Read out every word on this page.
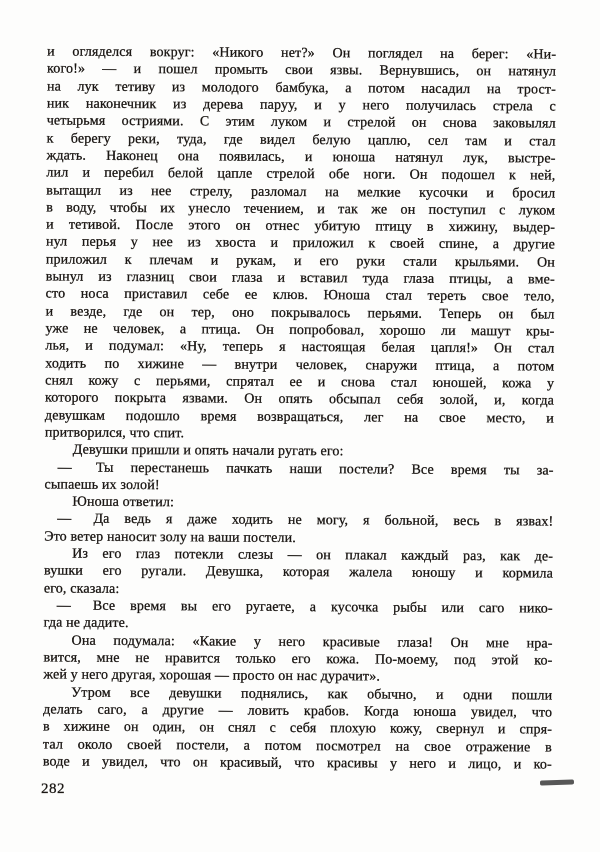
и огляделся вокруг: «Никого нет?» Он поглядел на берег: «Ни-
кого!» — и пошел промыть свои язвы. Вернувшись, он натянул
на лук тетиву из молодого бамбука, а потом насадил на трост-
ник наконечник из дерева паруу, и у него получилась стрела с
четырьмя остриями. С этим луком и стрелой он снова заковылял
к берегу реки, туда, где видел белую цаплю, сел там и стал
ждать. Наконец она появилась, и юноша натянул лук, выстре-
лил и перебил белой цапле стрелой обе ноги. Он подошел к ней,
вытащил из нее стрелу, разломал на мелкие кусочки и бросил
в воду, чтобы их унесло течением, и так же он поступил с луком
и тетивой. После этого он отнес убитую птицу в хижину, выдер-
нул перья у нее из хвоста и приложил к своей спине, а другие
приложил к плечам и рукам, и его руки стали крыльями. Он
вынул из глазниц свои глаза и вставил туда глаза птицы, а вме-
сто носа приставил себе ее клюв. Юноша стал тереть свое тело,
и везде, где он тер, оно покрывалось перьями. Теперь он был
уже не человек, а птица. Он попробовал, хорошо ли машут кры-
лья, и подумал: «Ну, теперь я настоящая белая цапля!» Он стал
ходить по хижине — внутри человек, снаружи птица, а потом
снял кожу с перьями, спрятал ее и снова стал юношей, кожа у
которого покрыта язвами. Он опять обсыпал себя золой, и, когда
девушкам подошло время возвращаться, лег на свое место, и
притворился, что спит.
Девушки пришли и опять начали ругать его:
—  Ты перестанешь пачкать наши постели? Все время ты за-
сыпаешь их золой!
Юноша ответил:
—  Да ведь я даже ходить не могу, я больной, весь в язвах!
Это ветер наносит золу на ваши постели.
Из его глаз потекли слезы — он плакал каждый раз, как де-
вушки его ругали. Девушка, которая жалела юношу и кормила
его, сказала:
—  Все время вы его ругаете, а кусочка рыбы или саго нико-
гда не дадите.
Она подумала: «Какие у него красивые глаза! Он мне нра-
вится, мне не нравится только его кожа. По-моему, под этой ко-
жей у него другая, хорошая — просто он нас дурачит».
Утром все девушки поднялись, как обычно, и одни пошли
делать саго, а другие — ловить крабов. Когда юноша увидел, что
в хижине он один, он снял с себя плохую кожу, свернул и спря-
тал около своей постели, а потом посмотрел на свое отражение в
воде и увидел, что он красивый, что красивы у него и лицо, и ко-
282
